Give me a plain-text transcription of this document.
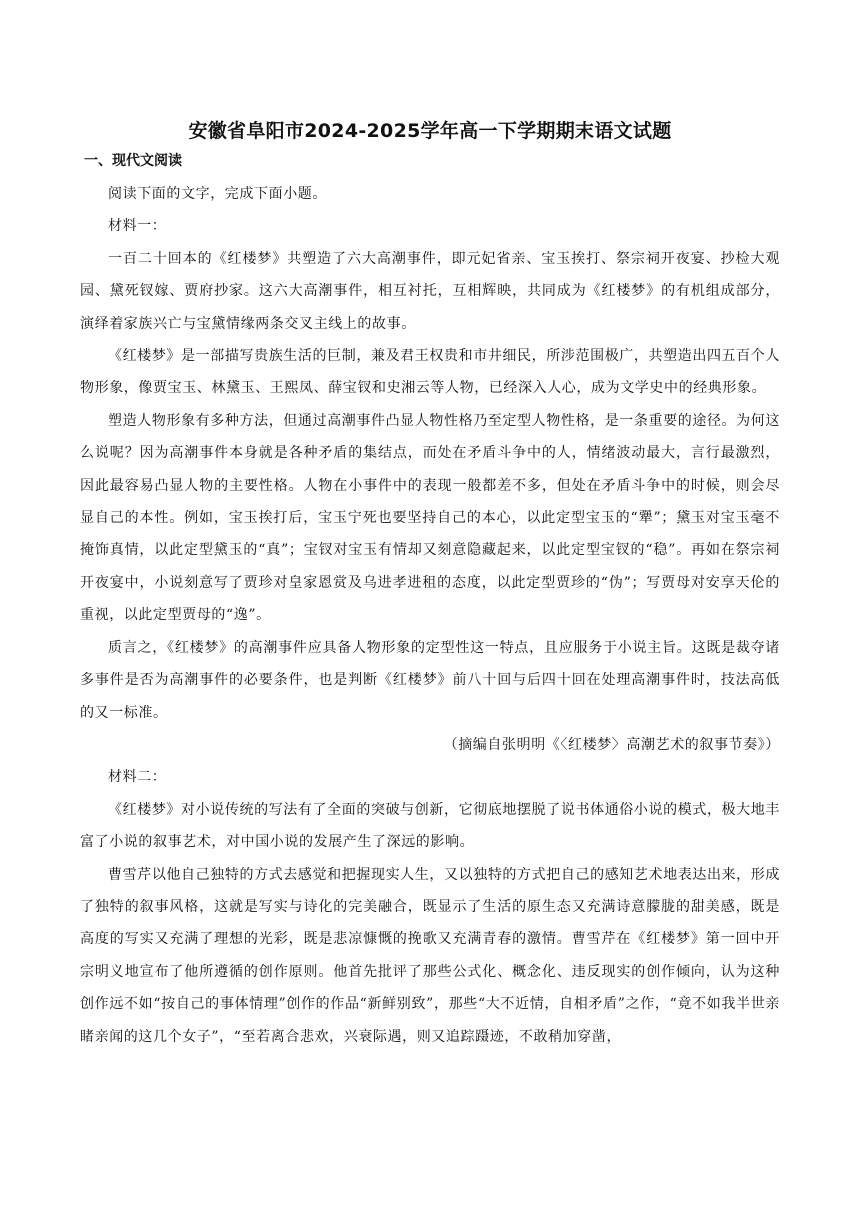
安徽省阜阳市2024-2025学年高一下学期期末语文试题
一、现代文阅读

阅读下面的文字，完成下面小题。

材料一：

一百二十回本的《红楼梦》共塑造了六大高潮事件，即元妃省亲、宝玉挨打、祭宗祠开夜宴、抄检大观园、黛死钗嫁、贾府抄家。这六大高潮事件，相互衬托，互相辉映，共同成为《红楼梦》的有机组成部分，演绎着家族兴亡与宝黛情缘两条交叉主线上的故事。

《红楼梦》是一部描写贵族生活的巨制，兼及君王权贵和市井细民，所涉范围极广，共塑造出四五百个人物形象，像贾宝玉、林黛玉、王熙凤、薛宝钗和史湘云等人物，已经深入人心，成为文学史中的经典形象。

塑造人物形象有多种方法，但通过高潮事件凸显人物性格乃至定型人物性格，是一条重要的途径。为何这么说呢？因为高潮事件本身就是各种矛盾的集结点，而处在矛盾斗争中的人，情绪波动最大，言行最激烈，因此最容易凸显人物的主要性格。人物在小事件中的表现一般都差不多，但处在矛盾斗争中的时候，则会尽显自己的本性。例如，宝玉挨打后，宝玉宁死也要坚持自己的本心，以此定型宝玉的“犟”；黛玉对宝玉毫不掩饰真情，以此定型黛玉的“真”；宝钗对宝玉有情却又刻意隐藏起来，以此定型宝钗的“稳”。再如在祭宗祠开夜宴中，小说刻意写了贾珍对皇家恩赏及乌进孝进租的态度，以此定型贾珍的“伪”；写贾母对安享天伦的重视，以此定型贾母的“逸”。

质言之，《红楼梦》的高潮事件应具备人物形象的定型性这一特点，且应服务于小说主旨。这既是裁夺诸多事件是否为高潮事件的必要条件，也是判断《红楼梦》前八十回与后四十回在处理高潮事件时，技法高低的又一标准。

（摘编自张明明《〈红楼梦〉高潮艺术的叙事节奏》）

材料二：

《红楼梦》对小说传统的写法有了全面的突破与创新，它彻底地摆脱了说书体通俗小说的模式，极大地丰富了小说的叙事艺术，对中国小说的发展产生了深远的影响。

曹雪芹以他自己独特的方式去感觉和把握现实人生，又以独特的方式把自己的感知艺术地表达出来，形成了独特的叙事风格，这就是写实与诗化的完美融合，既显示了生活的原生态又充满诗意朦胧的甜美感，既是高度的写实又充满了理想的光彩，既是悲凉慷慨的挽歌又充满青春的激情。曹雪芹在《红楼梦》第一回中开宗明义地宣布了他所遵循的创作原则。他首先批评了那些公式化、概念化、违反现实的创作倾向，认为这种创作远不如“按自己的事体情理”创作的作品“新鲜别致”，那些“大不近情，自相矛盾”之作，“竟不如我半世亲睹亲闻的这几个女子”，“至若离合悲欢，兴衰际遇，则又追踪蹑迹，不敢稍加穿凿，
